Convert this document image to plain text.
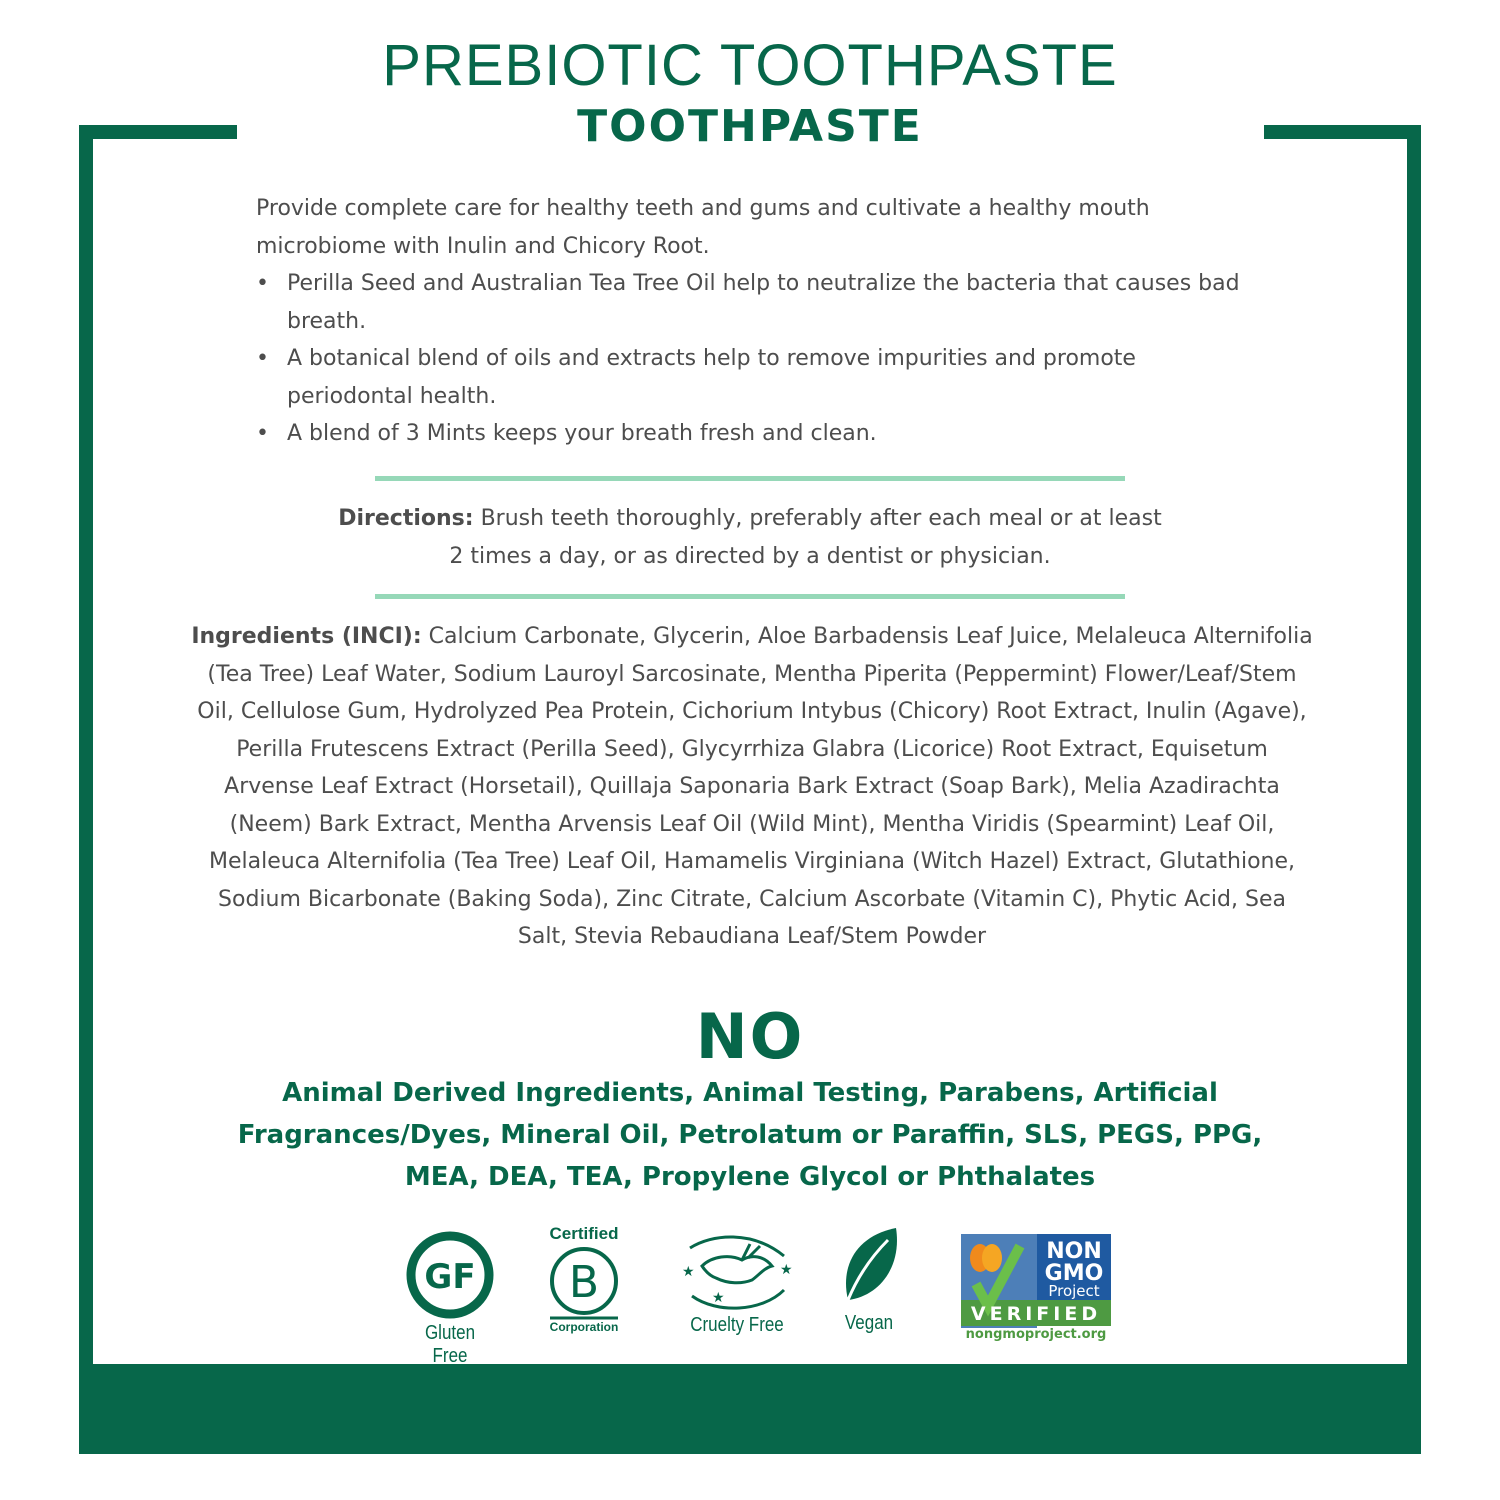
PREBIOTIC TOOTHPASTE
TOOTHPASTE

Provide complete care for healthy teeth and gums and cultivate a healthy mouth microbiome with Inulin and Chicory Root.

• Perilla Seed and Australian Tea Tree Oil help to neutralize the bacteria that causes bad breath.
• A botanical blend of oils and extracts help to remove impurities and promote periodontal health.
• A blend of 3 Mints keeps your breath fresh and clean.

Directions: Brush teeth thoroughly, preferably after each meal or at least 2 times a day, or as directed by a dentist or physician.

Ingredients (INCI): Calcium Carbonate, Glycerin, Aloe Barbadensis Leaf Juice, Melaleuca Alternifolia (Tea Tree) Leaf Water, Sodium Lauroyl Sarcosinate, Mentha Piperita (Peppermint) Flower/Leaf/Stem Oil, Cellulose Gum, Hydrolyzed Pea Protein, Cichorium Intybus (Chicory) Root Extract, Inulin (Agave), Perilla Frutescens Extract (Perilla Seed), Glycyrrhiza Glabra (Licorice) Root Extract, Equisetum Arvense Leaf Extract (Horsetail), Quillaja Saponaria Bark Extract (Soap Bark), Melia Azadirachta (Neem) Bark Extract, Mentha Arvensis Leaf Oil (Wild Mint), Mentha Viridis (Spearmint) Leaf Oil, Melaleuca Alternifolia (Tea Tree) Leaf Oil, Hamamelis Virginiana (Witch Hazel) Extract, Glutathione, Sodium Bicarbonate (Baking Soda), Zinc Citrate, Calcium Ascorbate (Vitamin C), Phytic Acid, Sea Salt, Stevia Rebaudiana Leaf/Stem Powder

NO

Animal Derived Ingredients, Animal Testing, Parabens, Artificial Fragrances/Dyes, Mineral Oil, Petrolatum or Paraffin, SLS, PEGS, PPG, MEA, DEA, TEA, Propylene Glycol or Phthalates

GF
Gluten Free
Certified
B
Corporation
★	★
★
Cruelty Free	Vegan
NON
GMO
Project
VERIFIED
nongmoproject.org
